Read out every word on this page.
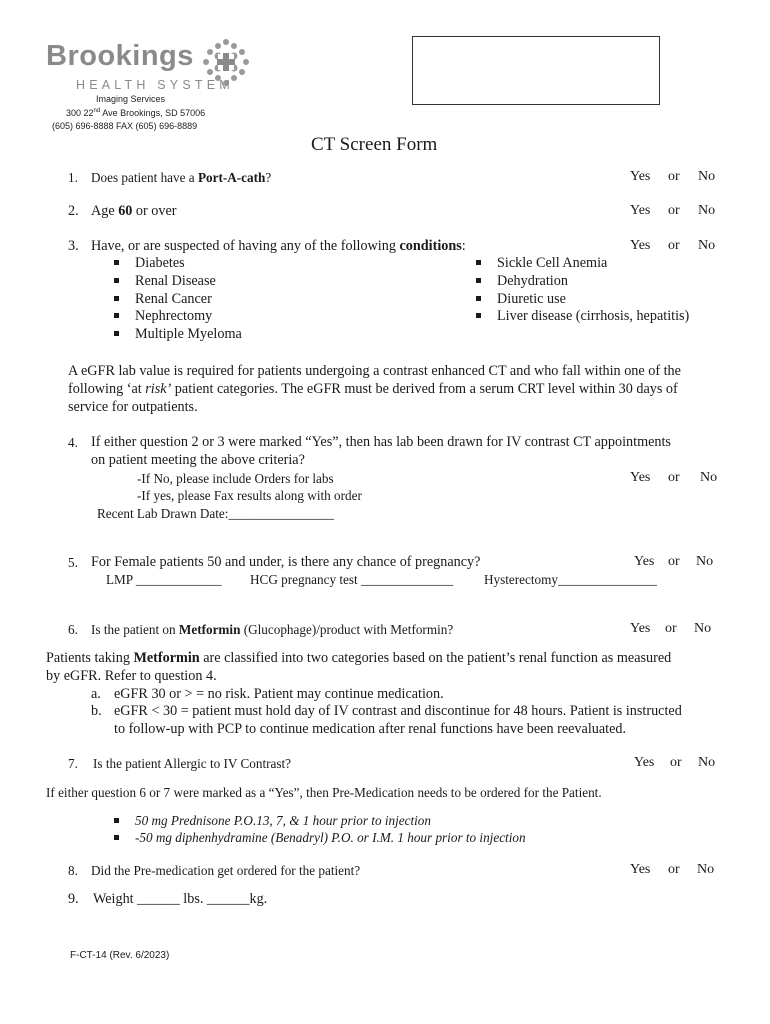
Brookings
HEALTH SYSTEM
Imaging Services
300 22nd Ave Brookings, SD 57006
(605) 696-8888 FAX (605) 696-8889
CT Screen Form
1. Does patient have a Port-A-cath?	Yes or No
2. Age 60 or over	Yes or No
3. Have, or are suspected of having any of the following conditions:	Yes or No
Diabetes
Renal Disease
Renal Cancer
Nephrectomy
Multiple Myeloma
Sickle Cell Anemia
Dehydration
Diuretic use
Liver disease (cirrhosis, hepatitis)
A eGFR lab value is required for patients undergoing a contrast enhanced CT and who fall within one of the
following ‘at risk’ patient categories. The eGFR must be derived from a serum CRT level within 30 days of
service for outpatients.
4. If either question 2 or 3 were marked “Yes”, then has lab been drawn for IV contrast CT appointments
on patient meeting the above criteria?
-If No, please include Orders for labs
-If yes, please Fax results along with order
Recent Lab Drawn Date:________________
Yes or No
5. For Female patients 50 and under, is there any chance of pregnancy?	Yes or No
LMP _____________ HCG pregnancy test ______________ Hysterectomy_______________
6. Is the patient on Metformin (Glucophage)/product with Metformin?	Yes or No
Patients taking Metformin are classified into two categories based on the patient’s renal function as measured
by eGFR. Refer to question 4.
a. eGFR 30 or > = no risk. Patient may continue medication.
b. eGFR < 30 = patient must hold day of IV contrast and discontinue for 48 hours. Patient is instructed
to follow-up with PCP to continue medication after renal functions have been reevaluated.
7. Is the patient Allergic to IV Contrast?	Yes or No
If either question 6 or 7 were marked as a “Yes”, then Pre-Medication needs to be ordered for the Patient.
50 mg Prednisone P.O.13, 7, & 1 hour prior to injection
-50 mg diphenhydramine (Benadryl) P.O. or I.M. 1 hour prior to injection
8. Did the Pre-medication get ordered for the patient?	Yes or No
9. Weight ______ lbs. ______kg.
F-CT-14 (Rev. 6/2023)
